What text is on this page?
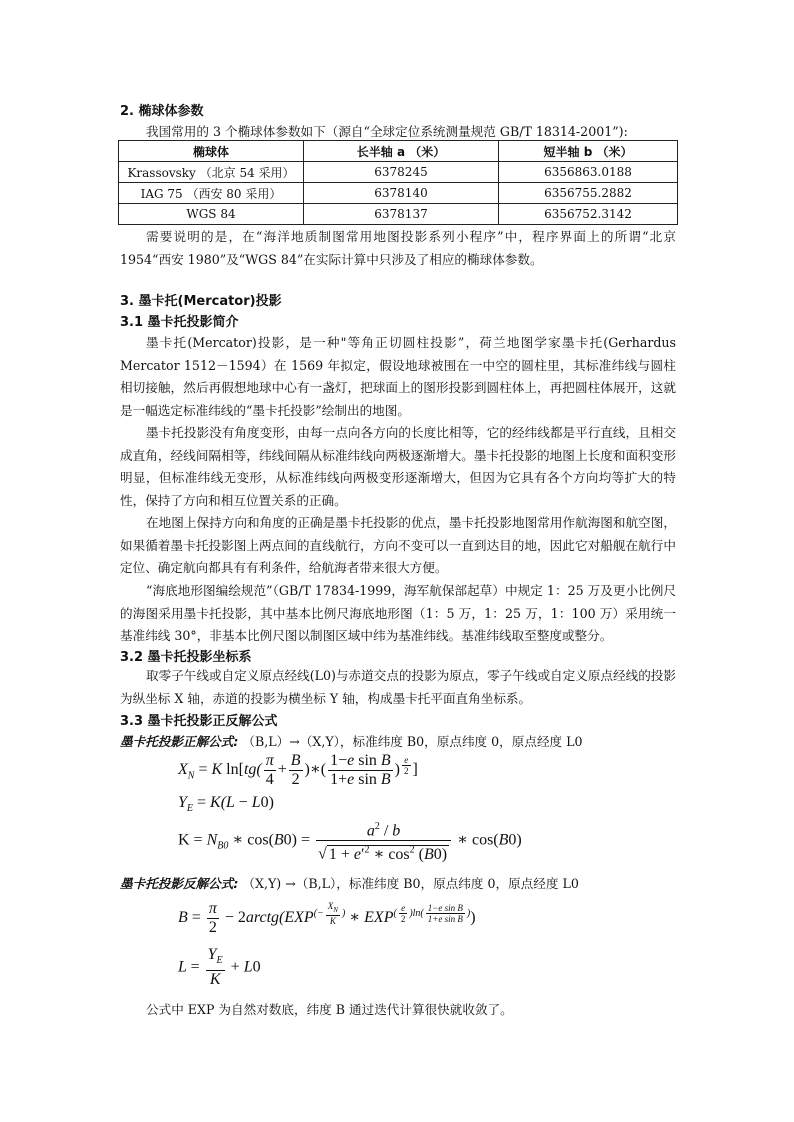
2. 椭球体参数
我国常用的 3 个椭球体参数如下（源自“全球定位系统测量规范 GB/T 18314-2001”):
椭球体	长半轴 a （米）	短半轴 b （米）
Krassovsky （北京 54 采用）	6378245	6356863.0188
IAG 75 （西安 80 采用）	6378140	6356755.2882
WGS 84	6378137	6356752.3142
需要说明的是，在“海洋地质制图常用地图投影系列小程序”中，程序界面上的所谓“北京 1954“西安 1980”及“WGS 84”在实际计算中只涉及了相应的椭球体参数。
3. 墨卡托(Mercator)投影
3.1 墨卡托投影简介
墨卡托(Mercator)投影，是一种"等角正切圆柱投影”，荷兰地图学家墨卡托(Gerhardus Mercator 1512－1594）在 1569 年拟定，假设地球被围在一中空的圆柱里，其标准纬线与圆柱相切接触，然后再假想地球中心有一盏灯，把球面上的图形投影到圆柱体上，再把圆柱体展开，这就是一幅选定标准纬线的“墨卡托投影”绘制出的地图。
墨卡托投影没有角度变形，由每一点向各方向的长度比相等，它的经纬线都是平行直线，且相交成直角，经线间隔相等，纬线间隔从标准纬线向两极逐渐增大。墨卡托投影的地图上长度和面积变形明显，但标准纬线无变形，从标准纬线向两极变形逐渐增大，但因为它具有各个方向均等扩大的特性，保持了方向和相互位置关系的正确。
在地图上保持方向和角度的正确是墨卡托投影的优点，墨卡托投影地图常用作航海图和航空图，如果循着墨卡托投影图上两点间的直线航行，方向不变可以一直到达目的地，因此它对船舰在航行中定位、确定航向都具有有利条件，给航海者带来很大方便。
“海底地形图编绘规范”（GB/T 17834-1999，海军航保部起草）中规定 1：25 万及更小比例尺的海图采用墨卡托投影，其中基本比例尺海底地形图（1：5 万，1：25 万，1：100 万）采用统一基准纬线 30°，非基本比例尺图以制图区域中纬为基准纬线。基准纬线取至整度或整分。
3.2 墨卡托投影坐标系
取零子午线或自定义原点经线(L0)与赤道交点的投影为原点，零子午线或自定义原点经线的投影为纵坐标 X 轴，赤道的投影为横坐标 Y 轴，构成墨卡托平面直角坐标系。
3.3 墨卡托投影正反解公式
墨卡托投影正解公式: （B,L）→（X,Y），标准纬度 B0，原点纬度 0，原点经度 L0
$X_N = K$ $\ln[tg( \frac{\pi}{4} + \frac{B}{2}$ )∗( $\frac{\text{1−e sin B}}{\text{1+e sin B}}$ ) $^{\frac{e}{2}}$ ]
$Y_E = K(L - L0)$
$K = N_{B0}$ ∗ $\cos(B0) = \frac{a^2 / b}{√ 1 + e'^2 ∗ \cos^2 (B0)}$ ∗ cos(B0)
墨卡托投影反解公式: （X,Y) →（B,L），标准纬度 B0，原点纬度 0，原点经度 L0
$B = \frac{\pi}{2}$ − $2arctg(EXP^{(- \frac{X_N}{K} )}$ ∗ $EXP^{( \frac{e}{2} )ln( \frac{\text{1−e sin B}}{\text{1+e sin B}} )}$)
$L = \frac{Y_E}{K} + L0$
公式中 EXP 为自然对数底，纬度 B 通过迭代计算很快就收敛了。
